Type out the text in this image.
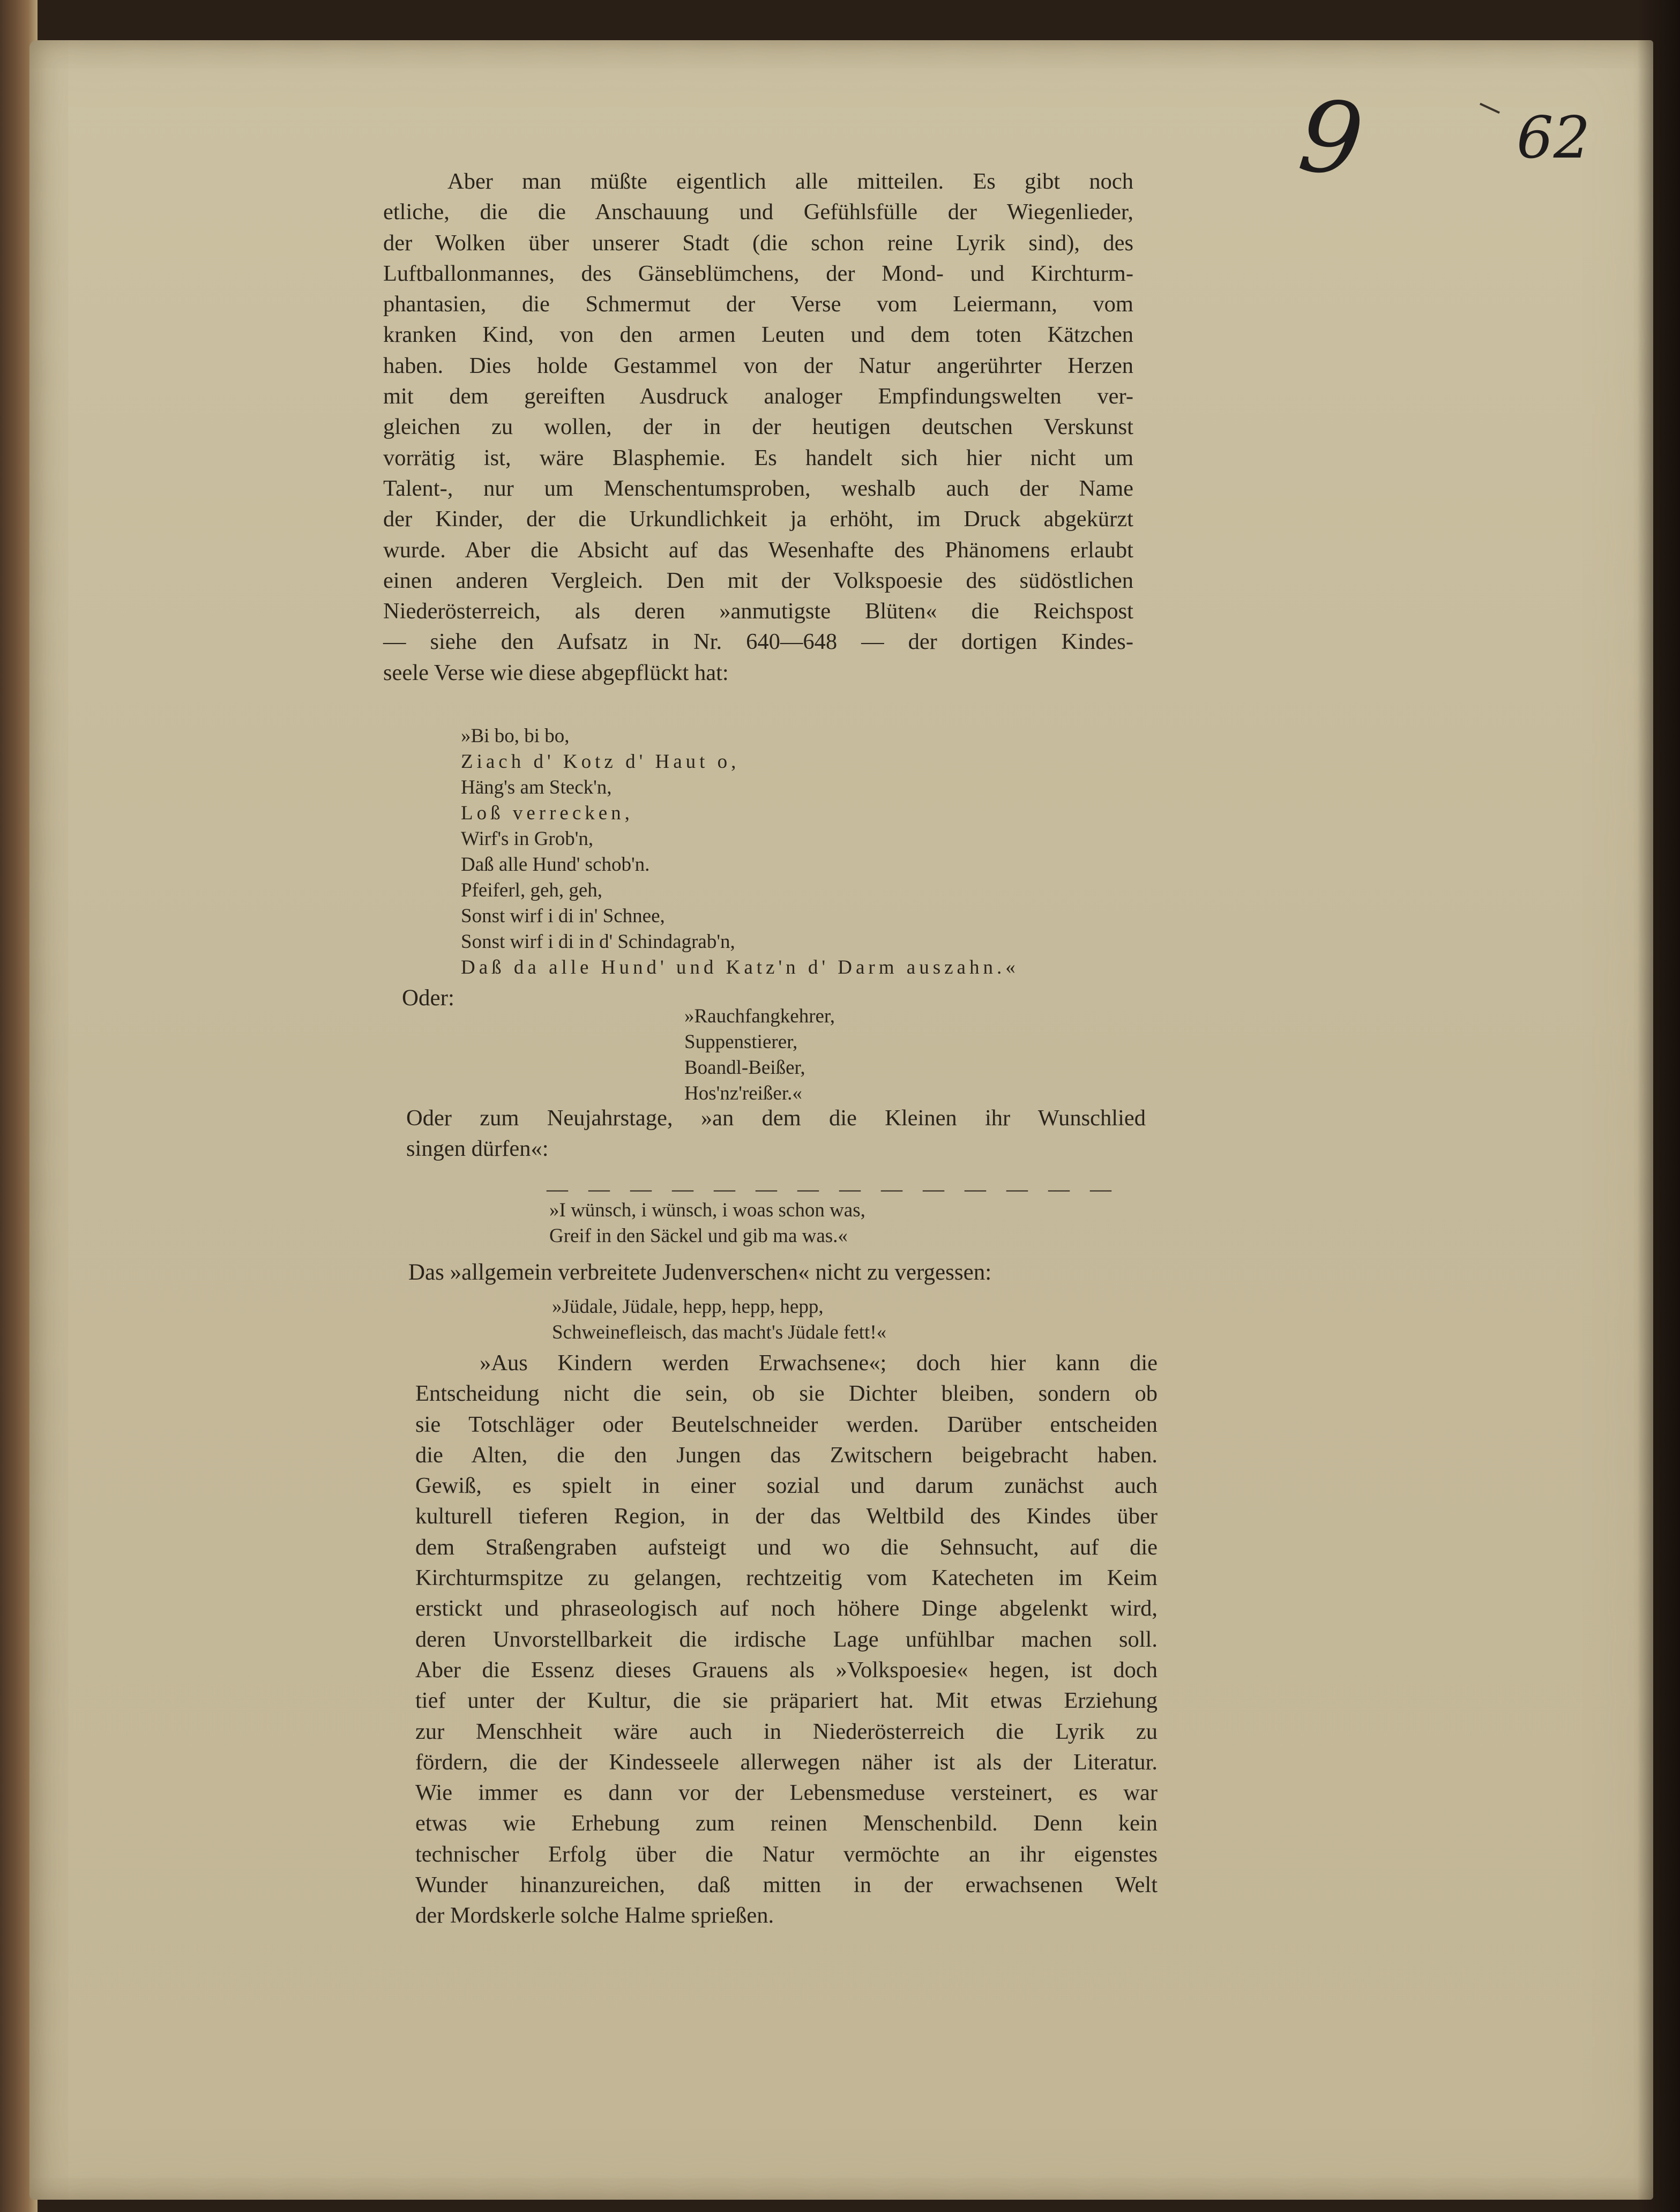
9	62
Aber man müßte eigentlich alle mitteilen. Es gibt noch
etliche, die die Anschauung und Gefühlsfülle der Wiegenlieder,
der Wolken über unserer Stadt (die schon reine Lyrik sind), des
Luftballonmannes, des Gänseblümchens, der Mond- und Kirchturm-
phantasien, die Schmermut der Verse vom Leiermann, vom
kranken Kind, von den armen Leuten und dem toten Kätzchen
haben. Dies holde Gestammel von der Natur angerührter Herzen
mit dem gereiften Ausdruck analoger Empfindungswelten ver-
gleichen zu wollen, der in der heutigen deutschen Verskunst
vorrätig ist, wäre Blasphemie. Es handelt sich hier nicht um
Talent-, nur um Menschentumsproben, weshalb auch der Name
der Kinder, der die Urkundlichkeit ja erhöht, im Druck abgekürzt
wurde. Aber die Absicht auf das Wesenhafte des Phänomens erlaubt
einen anderen Vergleich. Den mit der Volkspoesie des südöstlichen
Niederösterreich, als deren »anmutigste Blüten« die Reichspost
— siehe den Aufsatz in Nr. 640—648 — der dortigen Kindes-
seele Verse wie diese abgepflückt hat:
»Bi bo, bi bo,
Ziach d' Kotz d' Haut o,
Häng's am Steck'n,
Loß verrecken,
Wirf's in Grob'n,
Daß alle Hund' schob'n.
Pfeiferl, geh, geh,
Sonst wirf i di in' Schnee,
Sonst wirf i di in d' Schindagrab'n,
Daß da alle Hund' und Katz'n d' Darm auszahn.«
Oder:
»Rauchfangkehrer,
Suppenstierer,
Boandl-Beißer,
Hos'nz'reißer.«
Oder zum Neujahrstage, »an dem die Kleinen ihr Wunschlied
singen dürfen«:
— — — — — — — — — — — — — —
»I wünsch, i wünsch, i woas schon was,
Greif in den Säckel und gib ma was.«
Das »allgemein verbreitete Judenverschen« nicht zu vergessen:
»Jüdale, Jüdale, hepp, hepp, hepp,
Schweinefleisch, das macht's Jüdale fett!«
»Aus Kindern werden Erwachsene«; doch hier kann die
Entscheidung nicht die sein, ob sie Dichter bleiben, sondern ob
sie Totschläger oder Beutelschneider werden. Darüber entscheiden
die Alten, die den Jungen das Zwitschern beigebracht haben.
Gewiß, es spielt in einer sozial und darum zunächst auch
kulturell tieferen Region, in der das Weltbild des Kindes über
dem Straßengraben aufsteigt und wo die Sehnsucht, auf die
Kirchturmspitze zu gelangen, rechtzeitig vom Katecheten im Keim
erstickt und phraseologisch auf noch höhere Dinge abgelenkt wird,
deren Unvorstellbarkeit die irdische Lage unfühlbar machen soll.
Aber die Essenz dieses Grauens als »Volkspoesie« hegen, ist doch
tief unter der Kultur, die sie präpariert hat. Mit etwas Erziehung
zur Menschheit wäre auch in Niederösterreich die Lyrik zu
fördern, die der Kindesseele allerwegen näher ist als der Literatur.
Wie immer es dann vor der Lebensmeduse versteinert, es war
etwas wie Erhebung zum reinen Menschenbild. Denn kein
technischer Erfolg über die Natur vermöchte an ihr eigenstes
Wunder hinanzureichen, daß mitten in der erwachsenen Welt
der Mordskerle solche Halme sprießen.
